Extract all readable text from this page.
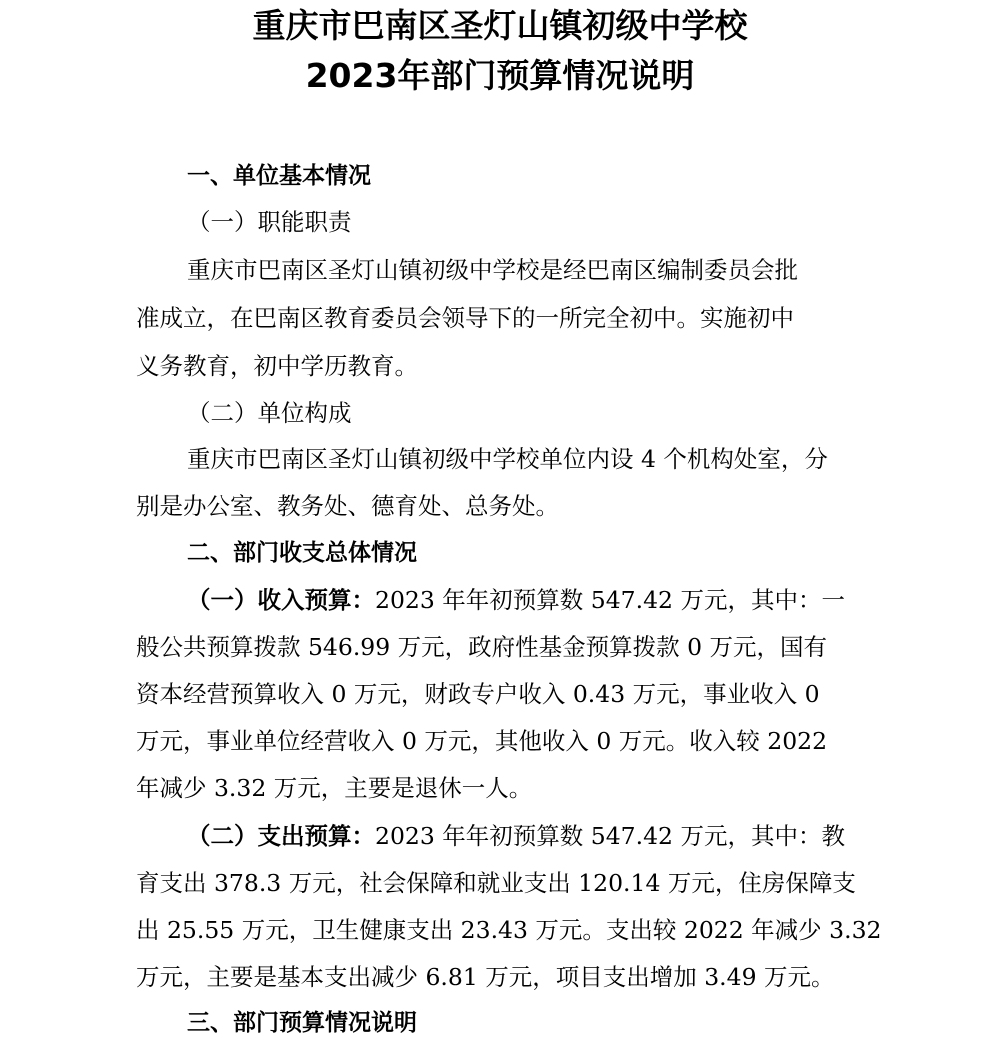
重庆市巴南区圣灯山镇初级中学校
2023年部门预算情况说明

一、单位基本情况

（一）职能职责

重庆市巴南区圣灯山镇初级中学校是经巴南区编制委员会批

准成立，在巴南区教育委员会领导下的一所完全初中。实施初中

义务教育，初中学历教育。

（二）单位构成

重庆市巴南区圣灯山镇初级中学校单位内设 4 个机构处室，分

别是办公室、教务处、德育处、总务处。

二、部门收支总体情况

（一）收入预算：2023 年年初预算数 547.42 万元，其中：一

般公共预算拨款 546.99 万元，政府性基金预算拨款 0 万元，国有

资本经营预算收入 0 万元，财政专户收入 0.43 万元，事业收入 0

万元，事业单位经营收入 0 万元，其他收入 0 万元。收入较 2022

年减少 3.32 万元，主要是退休一人。

（二）支出预算：2023 年年初预算数 547.42 万元，其中：教

育支出 378.3 万元，社会保障和就业支出 120.14 万元，住房保障支

出 25.55 万元，卫生健康支出 23.43 万元。支出较 2022 年减少 3.32

万元，主要是基本支出减少 6.81 万元，项目支出增加 3.49 万元。

三、部门预算情况说明
